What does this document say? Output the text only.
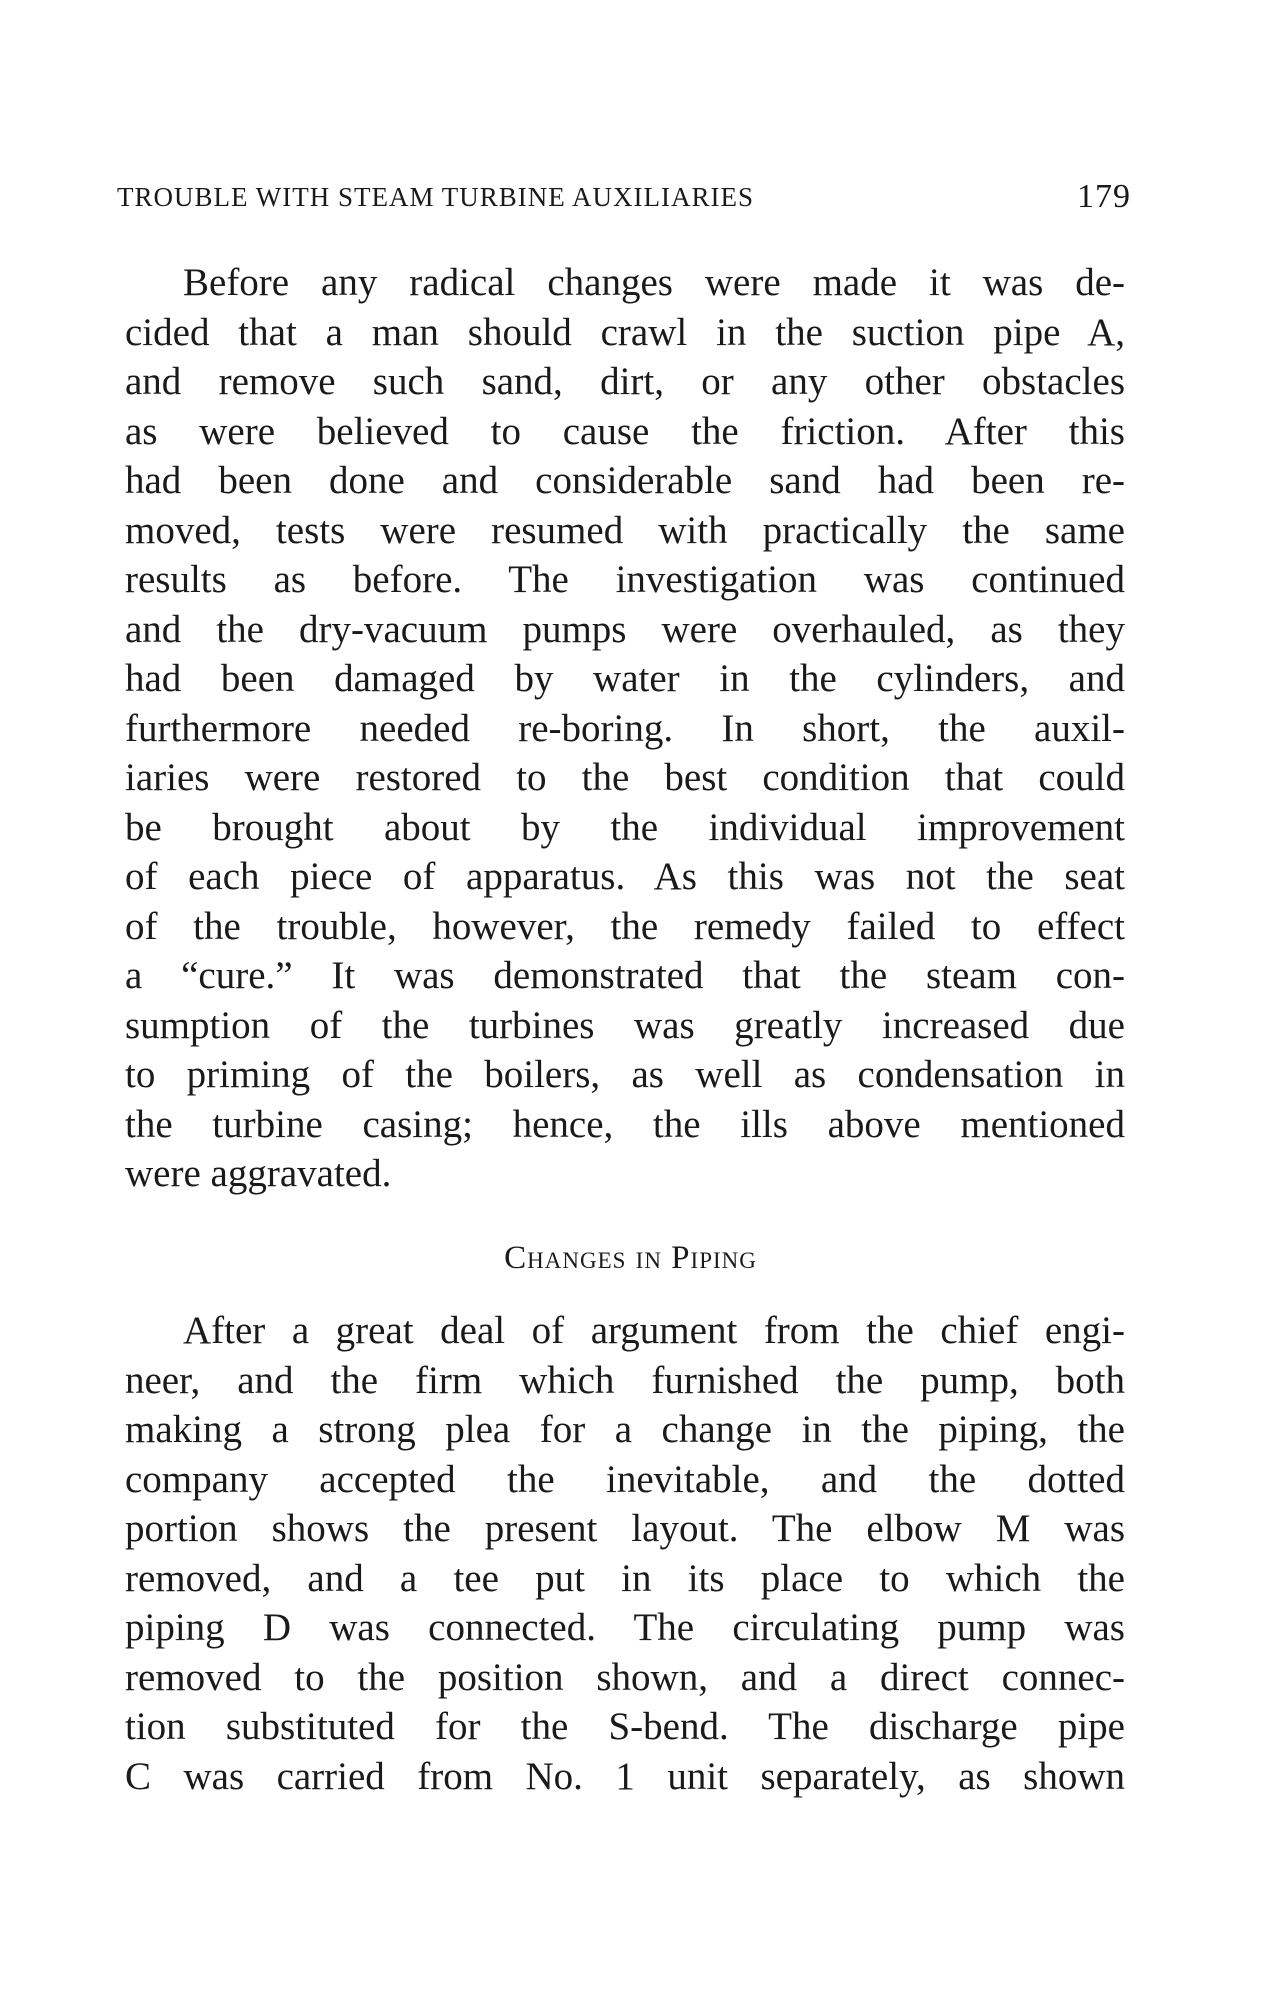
TROUBLE WITH STEAM TURBINE AUXILIARIES	179
Before any radical changes were made it was de-
cided that a man should crawl in the suction pipe A,
and remove such sand, dirt, or any other obstacles
as were believed to cause the friction. After this
had been done and considerable sand had been re-
moved, tests were resumed with practically the same
results as before. The investigation was continued
and the dry-vacuum pumps were overhauled, as they
had been damaged by water in the cylinders, and
furthermore needed re-boring. In short, the auxil-
iaries were restored to the best condition that could
be brought about by the individual improvement
of each piece of apparatus. As this was not the seat
of the trouble, however, the remedy failed to effect
a “cure.” It was demonstrated that the steam con-
sumption of the turbines was greatly increased due
to priming of the boilers, as well as condensation in
the turbine casing; hence, the ills above mentioned
were aggravated.
Changes in Piping
After a great deal of argument from the chief engi-
neer, and the firm which furnished the pump, both
making a strong plea for a change in the piping, the
company accepted the inevitable, and the dotted
portion shows the present layout. The elbow M was
removed, and a tee put in its place to which the
piping D was connected. The circulating pump was
removed to the position shown, and a direct connec-
tion substituted for the S-bend. The discharge pipe
C was carried from No. 1 unit separately, as shown
